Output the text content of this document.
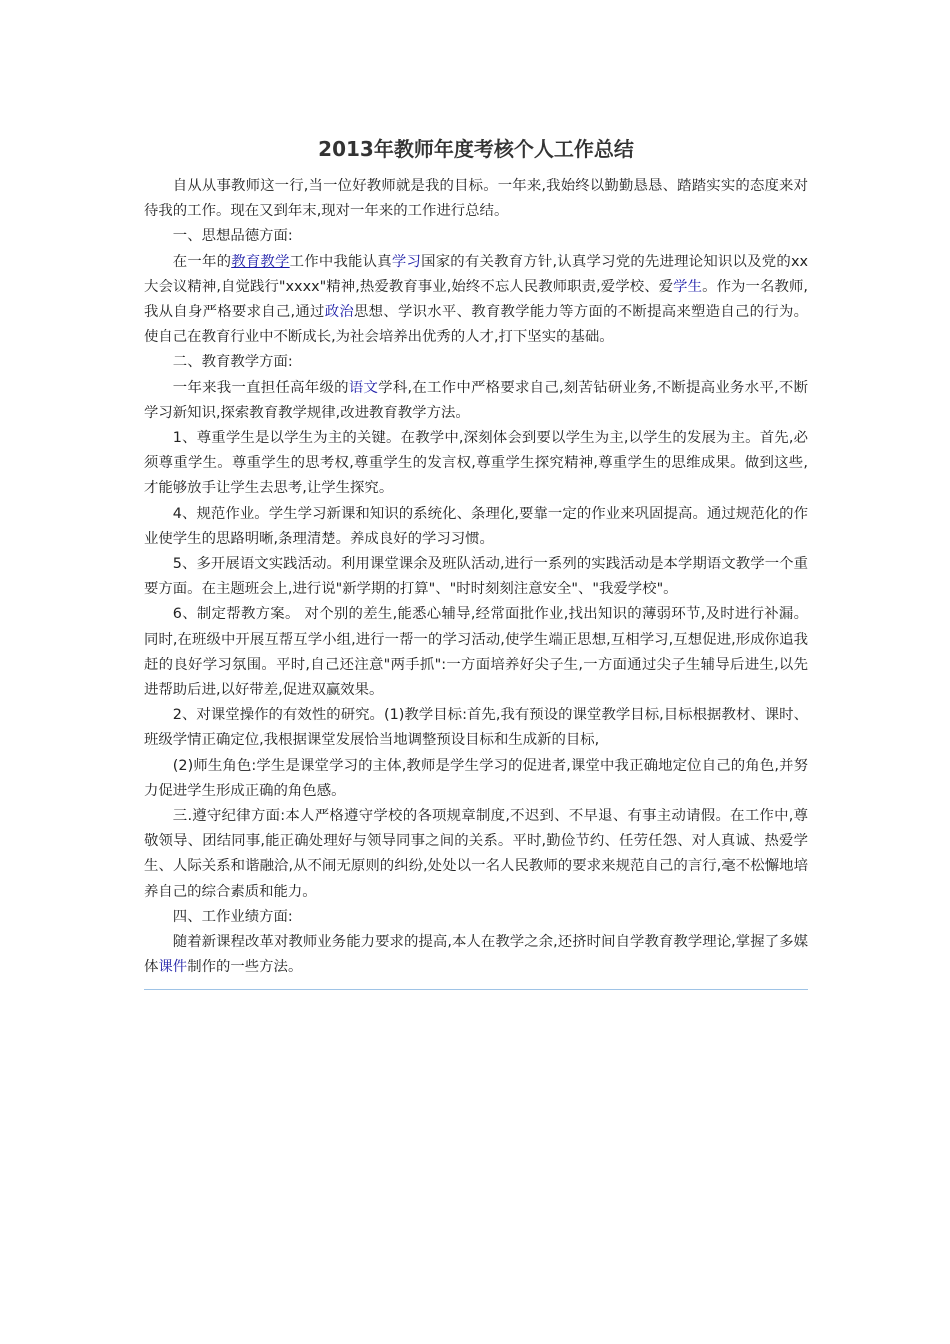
2013年教师年度考核个人工作总结

自从从事教师这一行,当一位好教师就是我的目标。一年来,我始终以勤勤恳恳、踏踏实实的态度来对待我的工作。现在又到年末,现对一年来的工作进行总结。

一、思想品德方面:

在一年的教育教学工作中我能认真学习国家的有关教育方针,认真学习党的先进理论知识以及党的xx大会议精神,自觉践行"xxxx"精神,热爱教育事业,始终不忘人民教师职责,爱学校、爱学生。作为一名教师,我从自身严格要求自己,通过政治思想、学识水平、教育教学能力等方面的不断提高来塑造自己的行为。使自己在教育行业中不断成长,为社会培养出优秀的人才,打下坚实的基础。

二、教育教学方面:

一年来我一直担任高年级的语文学科,在工作中严格要求自己,刻苦钻研业务,不断提高业务水平,不断学习新知识,探索教育教学规律,改进教育教学方法。

1、尊重学生是以学生为主的关键。在教学中,深刻体会到要以学生为主,以学生的发展为主。首先,必须尊重学生。尊重学生的思考权,尊重学生的发言权,尊重学生探究精神,尊重学生的思维成果。做到这些,才能够放手让学生去思考,让学生探究。

4、规范作业。学生学习新课和知识的系统化、条理化,要靠一定的作业来巩固提高。通过规范化的作业使学生的思路明晰,条理清楚。养成良好的学习习惯。

5、多开展语文实践活动。利用课堂课余及班队活动,进行一系列的实践活动是本学期语文教学一个重要方面。在主题班会上,进行说"新学期的打算"、"时时刻刻注意安全"、"我爱学校"。

6、制定帮教方案。 对个别的差生,能悉心辅导,经常面批作业,找出知识的薄弱环节,及时进行补漏。同时,在班级中开展互帮互学小组,进行一帮一的学习活动,使学生端正思想,互相学习,互想促进,形成你追我赶的良好学习氛围。平时,自己还注意"两手抓":一方面培养好尖子生,一方面通过尖子生辅导后进生,以先进帮助后进,以好带差,促进双赢效果。

2、对课堂操作的有效性的研究。(1)教学目标:首先,我有预设的课堂教学目标,目标根据教材、课时、班级学情正确定位,我根据课堂发展恰当地调整预设目标和生成新的目标,

(2)师生角色:学生是课堂学习的主体,教师是学生学习的促进者,课堂中我正确地定位自己的角色,并努力促进学生形成正确的角色感。

三.遵守纪律方面:本人严格遵守学校的各项规章制度,不迟到、不早退、有事主动请假。在工作中,尊敬领导、团结同事,能正确处理好与领导同事之间的关系。平时,勤俭节约、任劳任怨、对人真诚、热爱学生、人际关系和谐融洽,从不闹无原则的纠纷,处处以一名人民教师的要求来规范自己的言行,毫不松懈地培养自己的综合素质和能力。

四、工作业绩方面:

随着新课程改革对教师业务能力要求的提高,本人在教学之余,还挤时间自学教育教学理论,掌握了多媒体课件制作的一些方法。
